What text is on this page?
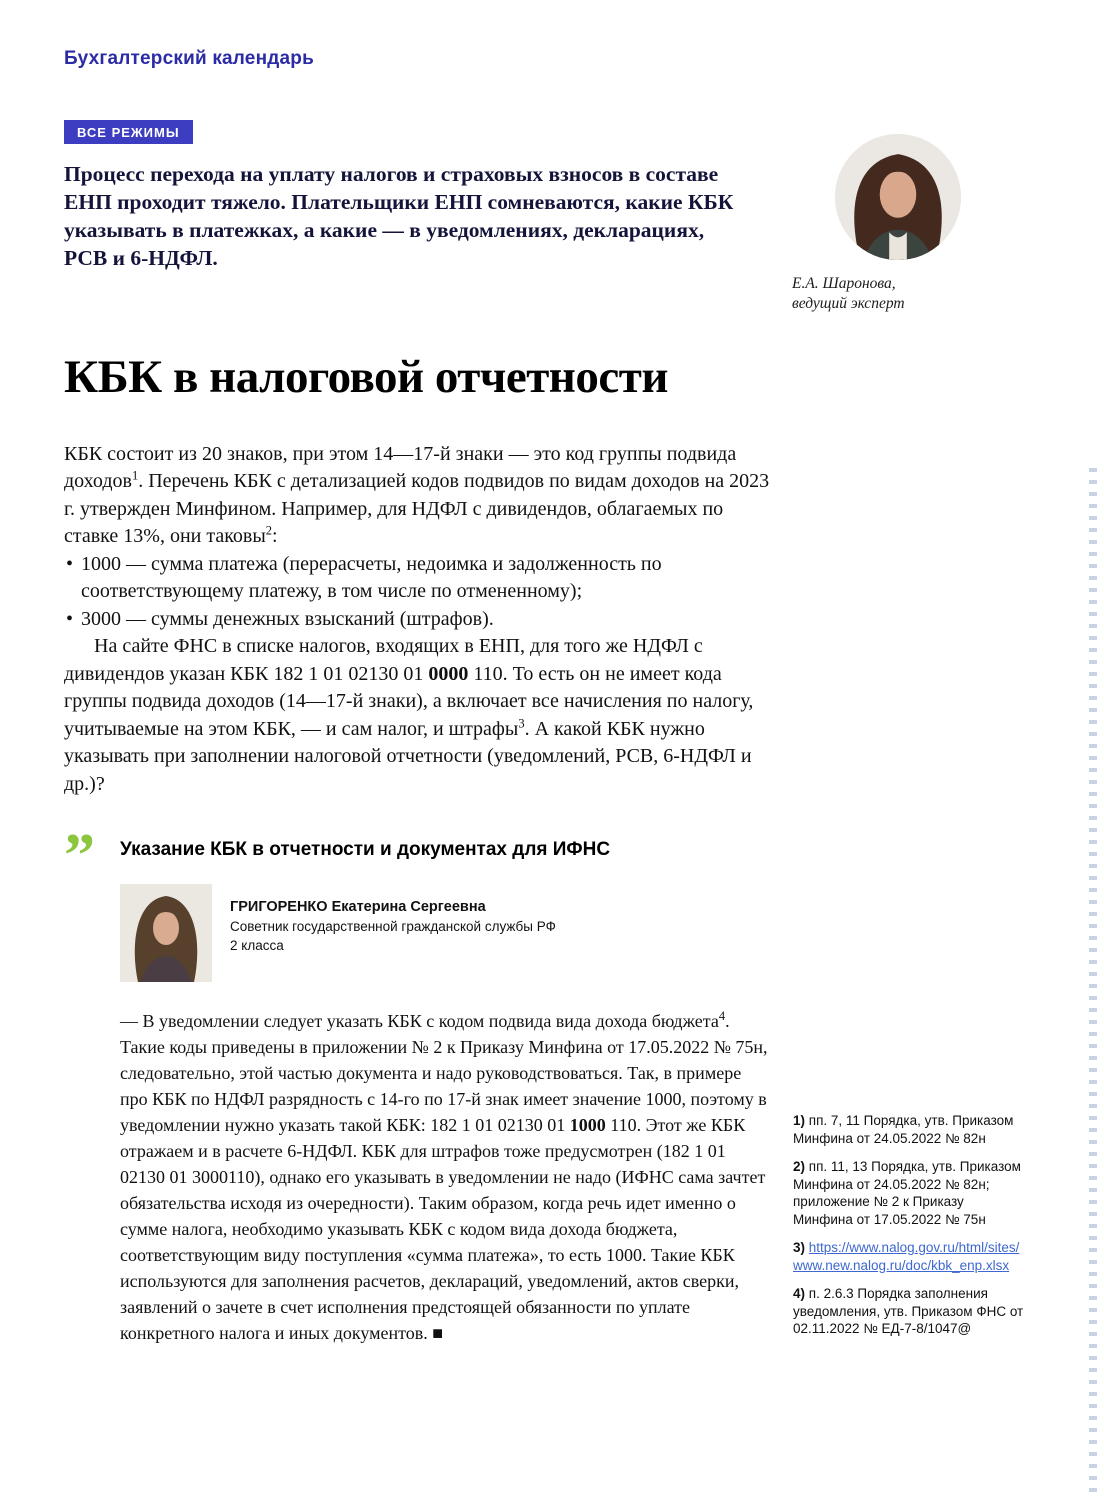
Бухгалтерский календарь
ВСЕ РЕЖИМЫ

Процесс перехода на уплату налогов и страховых взносов в составе ЕНП проходит тяжело. Плательщики ЕНП сомневаются, какие КБК указывать в платежках, а какие — в уведомлениях, декларациях, РСВ и 6-НДФЛ.

Е.А. Шаронова,
ведущий эксперт
КБК в налоговой отчетности

КБК состоит из 20 знаков, при этом 14—17-й знаки — это код группы подвида доходов$^1$. Перечень КБК с детализацией кодов подвидов по видам доходов на 2023 г. утвержден Минфином. Например, для НДФЛ с дивидендов, облагаемых по ставке 13%, они таковы$^2$:

• 1000 — сумма платежа (перерасчеты, недоимка и задолженность по соответствующему платежу, в том числе по отмененному);
• 3000 — суммы денежных взысканий (штрафов).

На сайте ФНС в списке налогов, входящих в ЕНП, для того же НДФЛ с дивидендов указан КБК 182 1 01 02130 01 0000 110. То есть он не имеет кода группы подвида доходов (14—17-й знаки), а включает все начисления по налогу, учитываемые на этом КБК, — и сам налог, и штрафы$^3$. А какой КБК нужно указывать при заполнении налоговой отчетности (уведомлений, РСВ, 6-НДФЛ и др.)?

”	Указание КБК в отчетности и документах для ИФНС
ГРИГОРЕНКО Екатерина Сергеевна
Советник государственной гражданской службы РФ
2 класса

— В уведомлении следует указать КБК с кодом подвида вида дохода бюджета$^4$. Такие коды приведены в приложении № 2 к Приказу Минфина от 17.05.2022 № 75н, следовательно, этой частью документа и надо руководствоваться. Так, в примере про КБК по НДФЛ разрядность с 14-го по 17-й знак имеет значение 1000, поэтому в уведомлении нужно указать такой КБК: 182 1 01 02130 01 1000 110. Этот же КБК отражаем и в расчете 6-НДФЛ. КБК для штрафов тоже предусмотрен (182 1 01 02130 01 3000110), однако его указывать в уведомлении не надо (ИФНС сама зачтет обязательства исходя из очередности). Таким образом, когда речь идет именно о сумме налога, необходимо указывать КБК с кодом вида дохода бюджета, соответствующим виду поступления «сумма платежа», то есть 1000. Такие КБК используются для заполнения расчетов, деклараций, уведомлений, актов сверки, заявлений о зачете в счет исполнения предстоящей обязанности по уплате конкретного налога и иных документов. ■

1) пп. 7, 11 Порядка, утв. Приказом Минфина от 24.05.2022 № 82н
2) пп. 11, 13 Порядка, утв. Приказом Минфина от 24.05.2022 № 82н; приложение № 2 к Приказу Минфина от 17.05.2022 № 75н
3) https://www.nalog.gov.ru/html/sites/www.new.nalog.ru/doc/kbk_enp.xlsx
4) п. 2.6.3 Порядка заполнения уведомления, утв. Приказом ФНС от 02.11.2022 № ЕД-7-8/1047@
